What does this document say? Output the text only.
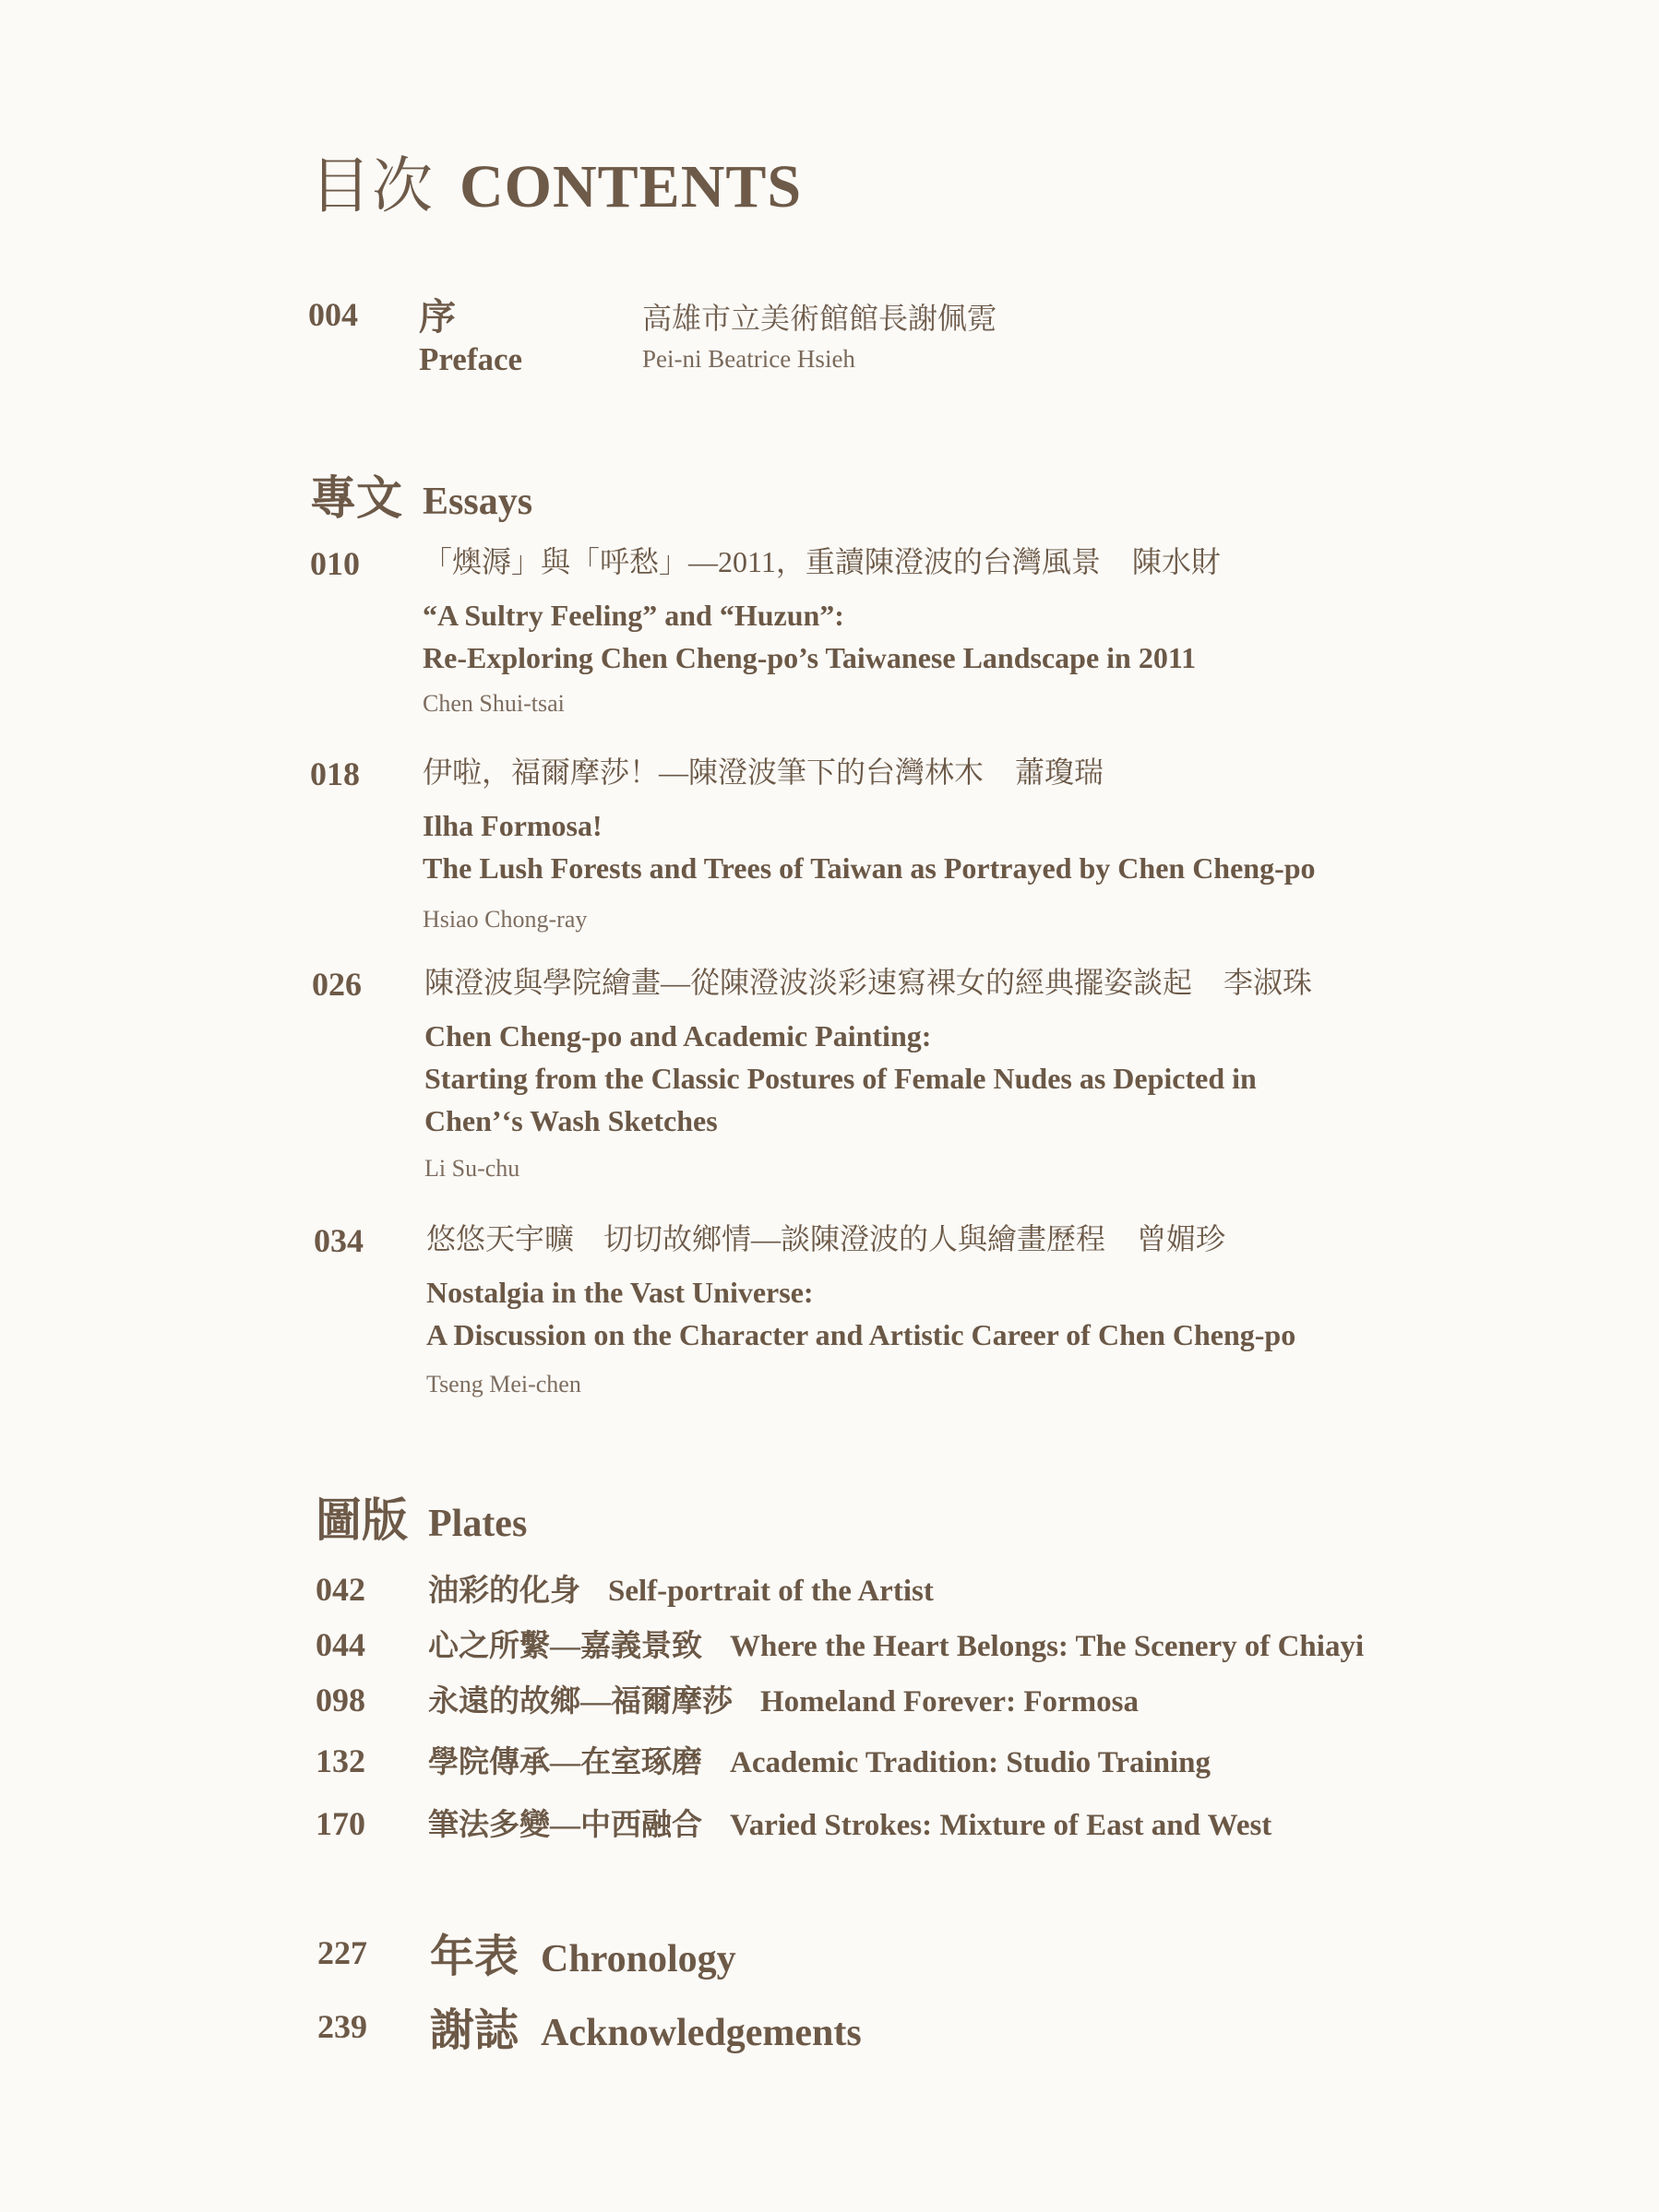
目次 CONTENTS
004 序
Preface
高雄市立美術館館長謝佩霓
Pei-ni Beatrice Hsieh
專文 Essays
010 「燠溽」與「呼愁」—2011，重讀陳澄波的台灣風景 陳水財
“A Sultry Feeling” and “Huzun”:
Re-Exploring Chen Cheng-po’s Taiwanese Landscape in 2011
Chen Shui-tsai
018 伊啦，福爾摩莎！—陳澄波筆下的台灣林木 蕭瓊瑞
Ilha Formosa!
The Lush Forests and Trees of Taiwan as Portrayed by Chen Cheng-po
Hsiao Chong-ray
026 陳澄波與學院繪畫—從陳澄波淡彩速寫裸女的經典擺姿談起 李淑珠
Chen Cheng-po and Academic Painting:
Starting from the Classic Postures of Female Nudes as Depicted in
Chen’‘s Wash Sketches
Li Su-chu
034 悠悠天宇曠　切切故鄉情—談陳澄波的人與繪畫歷程 曾媚珍
Nostalgia in the Vast Universe:
A Discussion on the Character and Artistic Career of Chen Cheng-po
Tseng Mei-chen
圖版 Plates
042 油彩的化身 Self-portrait of the Artist
044 心之所繫—嘉義景致 Where the Heart Belongs: The Scenery of Chiayi
098 永遠的故鄉—福爾摩莎 Homeland Forever: Formosa
132 學院傳承—在室琢磨 Academic Tradition: Studio Training
170 筆法多變—中西融合 Varied Strokes: Mixture of East and West
227 年表 Chronology
239 謝誌 Acknowledgements
